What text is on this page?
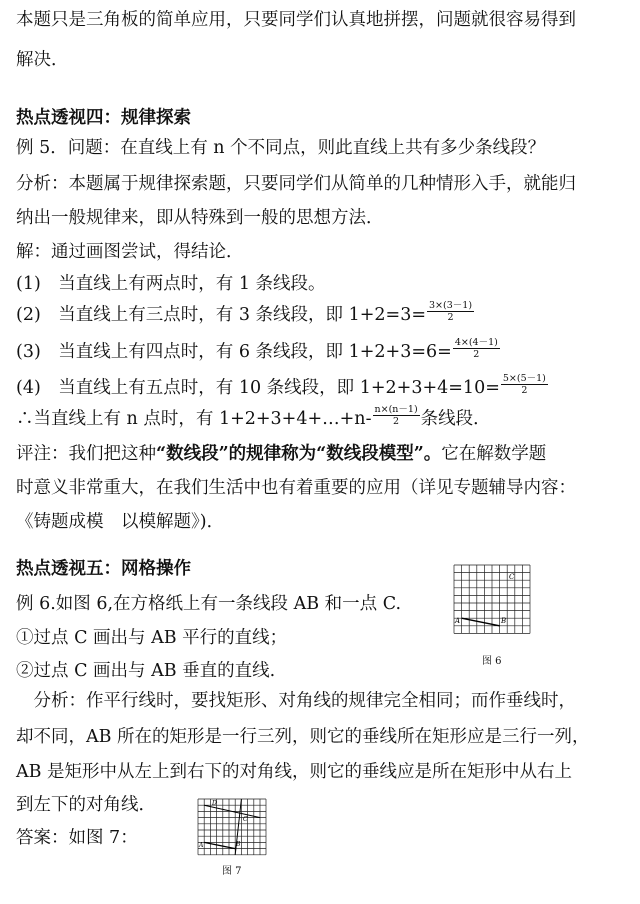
本题只是三角板的简单应用，只要同学们认真地拼摆，问题就很容易得到
解决．
热点透视四：规律探索
例 5．问题：在直线上有 n 个不同点，则此直线上共有多少条线段？
分析：本题属于规律探索题，只要同学们从简单的几种情形入手，就能归
纳出一般规律来，即从特殊到一般的思想方法．
解：通过画图尝试，得结论．
(1)　当直线上有两点时，有 1 条线段。
(2)　当直线上有三点时，有 3 条线段，即 $1+2=3= \frac{3\times(3-1)}{2}$
(3)　当直线上有四点时，有 6 条线段，即 $1+2+3=6= \frac{4\times(4-1)}{2}$
(4)　当直线上有五点时，有 10 条线段，即 $1+2+3+4=10= \frac{5\times(5-1)}{2}$
∴当直线上有 n 点时，有 1+2+3+4+…+n- $\frac{n\times(n-1)}{2}$ 条线段．
评注：我们把这种“数线段”的规律称为“数线段模型”。它在解数学题
时意义非常重大，在我们生活中也有着重要的应用（详见专题辅导内容：
《铸题成模　以模解题》)．
热点透视五：网格操作
例 6.如图 6,在方格纸上有一条线段 AB 和一点 C.
①过点 C 画出与 AB 平行的直线；
②过点 C 画出与 AB 垂直的直线.
　分析：作平行线时，要找矩形、对角线的规律完全相同；而作垂线时，
却不同，AB 所在的矩形是一行三列，则它的垂线所在矩形应是三行一列，
AB 是矩形中从左上到右下的对角线，则它的垂线应是所在矩形中从右上
到左下的对角线．
答案：如图 7：
A	B
C
图 6
A	B
C
D
图 7
